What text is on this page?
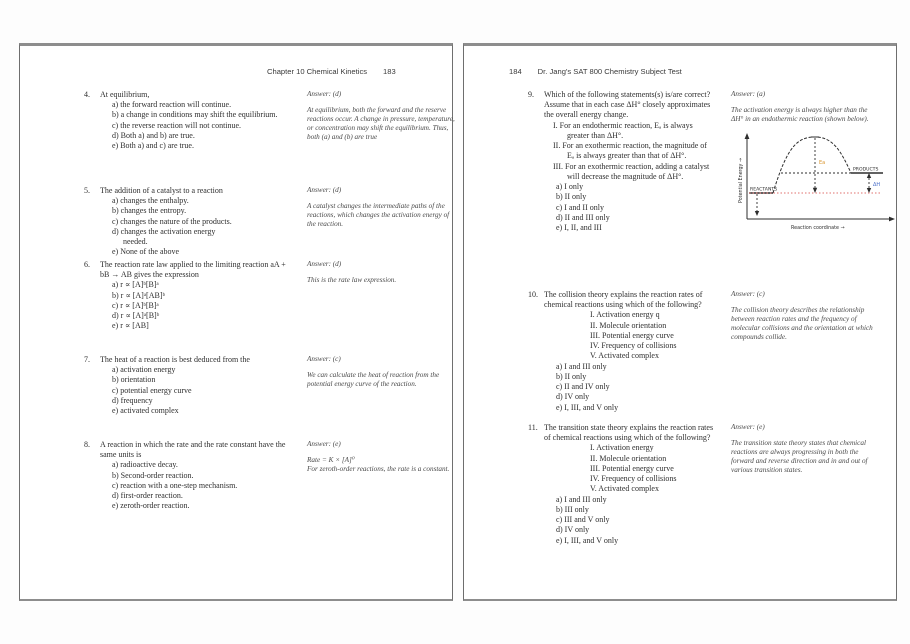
Chapter 10 Chemical Kinetics 183
4.	At equilibrium,
a) the forward reaction will continue.
b) a change in conditions may shift the equilibrium.
c) the reverse reaction will not continue.
d) Both a) and b) are true.
e) Both a) and c) are true.
Answer: (d)
At equilibrium, both the forward and the reserve reactions occur. A change in pressure, temperature, or concentration may shift the equilibrium. Thus, both (a) and (b) are true
5.	The addition of a catalyst to a reaction
a) changes the enthalpy.
b) changes the entropy.
c) changes the nature of the products.
d) changes the activation energy needed.
e) None of the above
Answer: (d)
A catalyst changes the intermediate paths of the reactions, which changes the activation energy of the reaction.
6.	The reaction rate law applied to the limiting reaction aA + bB → AB gives the expression
a) r ∝ [A]ᵇ[B]ᵃ
b) r ∝ [A]ᵃ[AB]ᵇ
c) r ∝ [A]ᵇ[B]ᵃ
d) r ∝ [A]ᵃ[B]ᵇ
e) r ∝ [AB]
Answer: (d)
This is the rate law expression.
7.	The heat of a reaction is best deduced from the
a) activation energy
b) orientation
c) potential energy curve
d) frequency
e) activated complex
Answer: (c)
We can calculate the heat of reaction from the potential energy curve of the reaction.
8.	A reaction in which the rate and the rate constant have the same units is
a) radioactive decay.
b) Second-order reaction.
c) reaction with a one-step mechanism.
d) first-order reaction.
e) zeroth-order reaction.
Answer: (e)
Rate = K × [A]⁰
For zeroth-order reactions, the rate is a constant.
184 Dr. Jang's SAT 800 Chemistry Subject Test
9.	Which of the following statements(s) is/are correct? Assume that in each case ΔH° closely approximates the overall energy change.
I. For an endothermic reaction, Eₐ is always greater than ΔH°.
II. For an exothermic reaction, the magnitude of Eₐ is always greater than that of ΔH°.
III. For an exothermic reaction, adding a catalyst will decrease the magnitude of ΔH°.
a) I only
b) II only
c) I and II only
d) II and III only
e) I, II, and III
Answer: (a)
The activation energy is always higher than the ΔH° in an endothermic reaction (shown below).
REACTANTS
PRODUCTS
Ea
ΔH
Reaction coordinate →
Potential Energy →
10. The collision theory explains the reaction rates of chemical reactions using which of the following?
I. Activation energy q
II. Molecule orientation
III. Potential energy curve
IV. Frequency of collisions
V. Activated complex
a) I and III only
b) II only
c) II and IV only
d) IV only
e) I, III, and V only
Answer: (c)
The collision theory describes the relationship between reaction rates and the frequency of molecular collisions and the orientation at which compounds collide.
11. The transition state theory explains the reaction rates of chemical reactions using which of the following?
I. Activation energy
II. Molecule orientation
III. Potential energy curve
IV. Frequency of collisions
V. Activated complex
a) I and III only
b) III only
c) III and V only
d) IV only
e) I, III, and V only
Answer: (e)
The transition state theory states that chemical reactions are always progressing in both the forward and reverse direction and in and out of various transition states.
